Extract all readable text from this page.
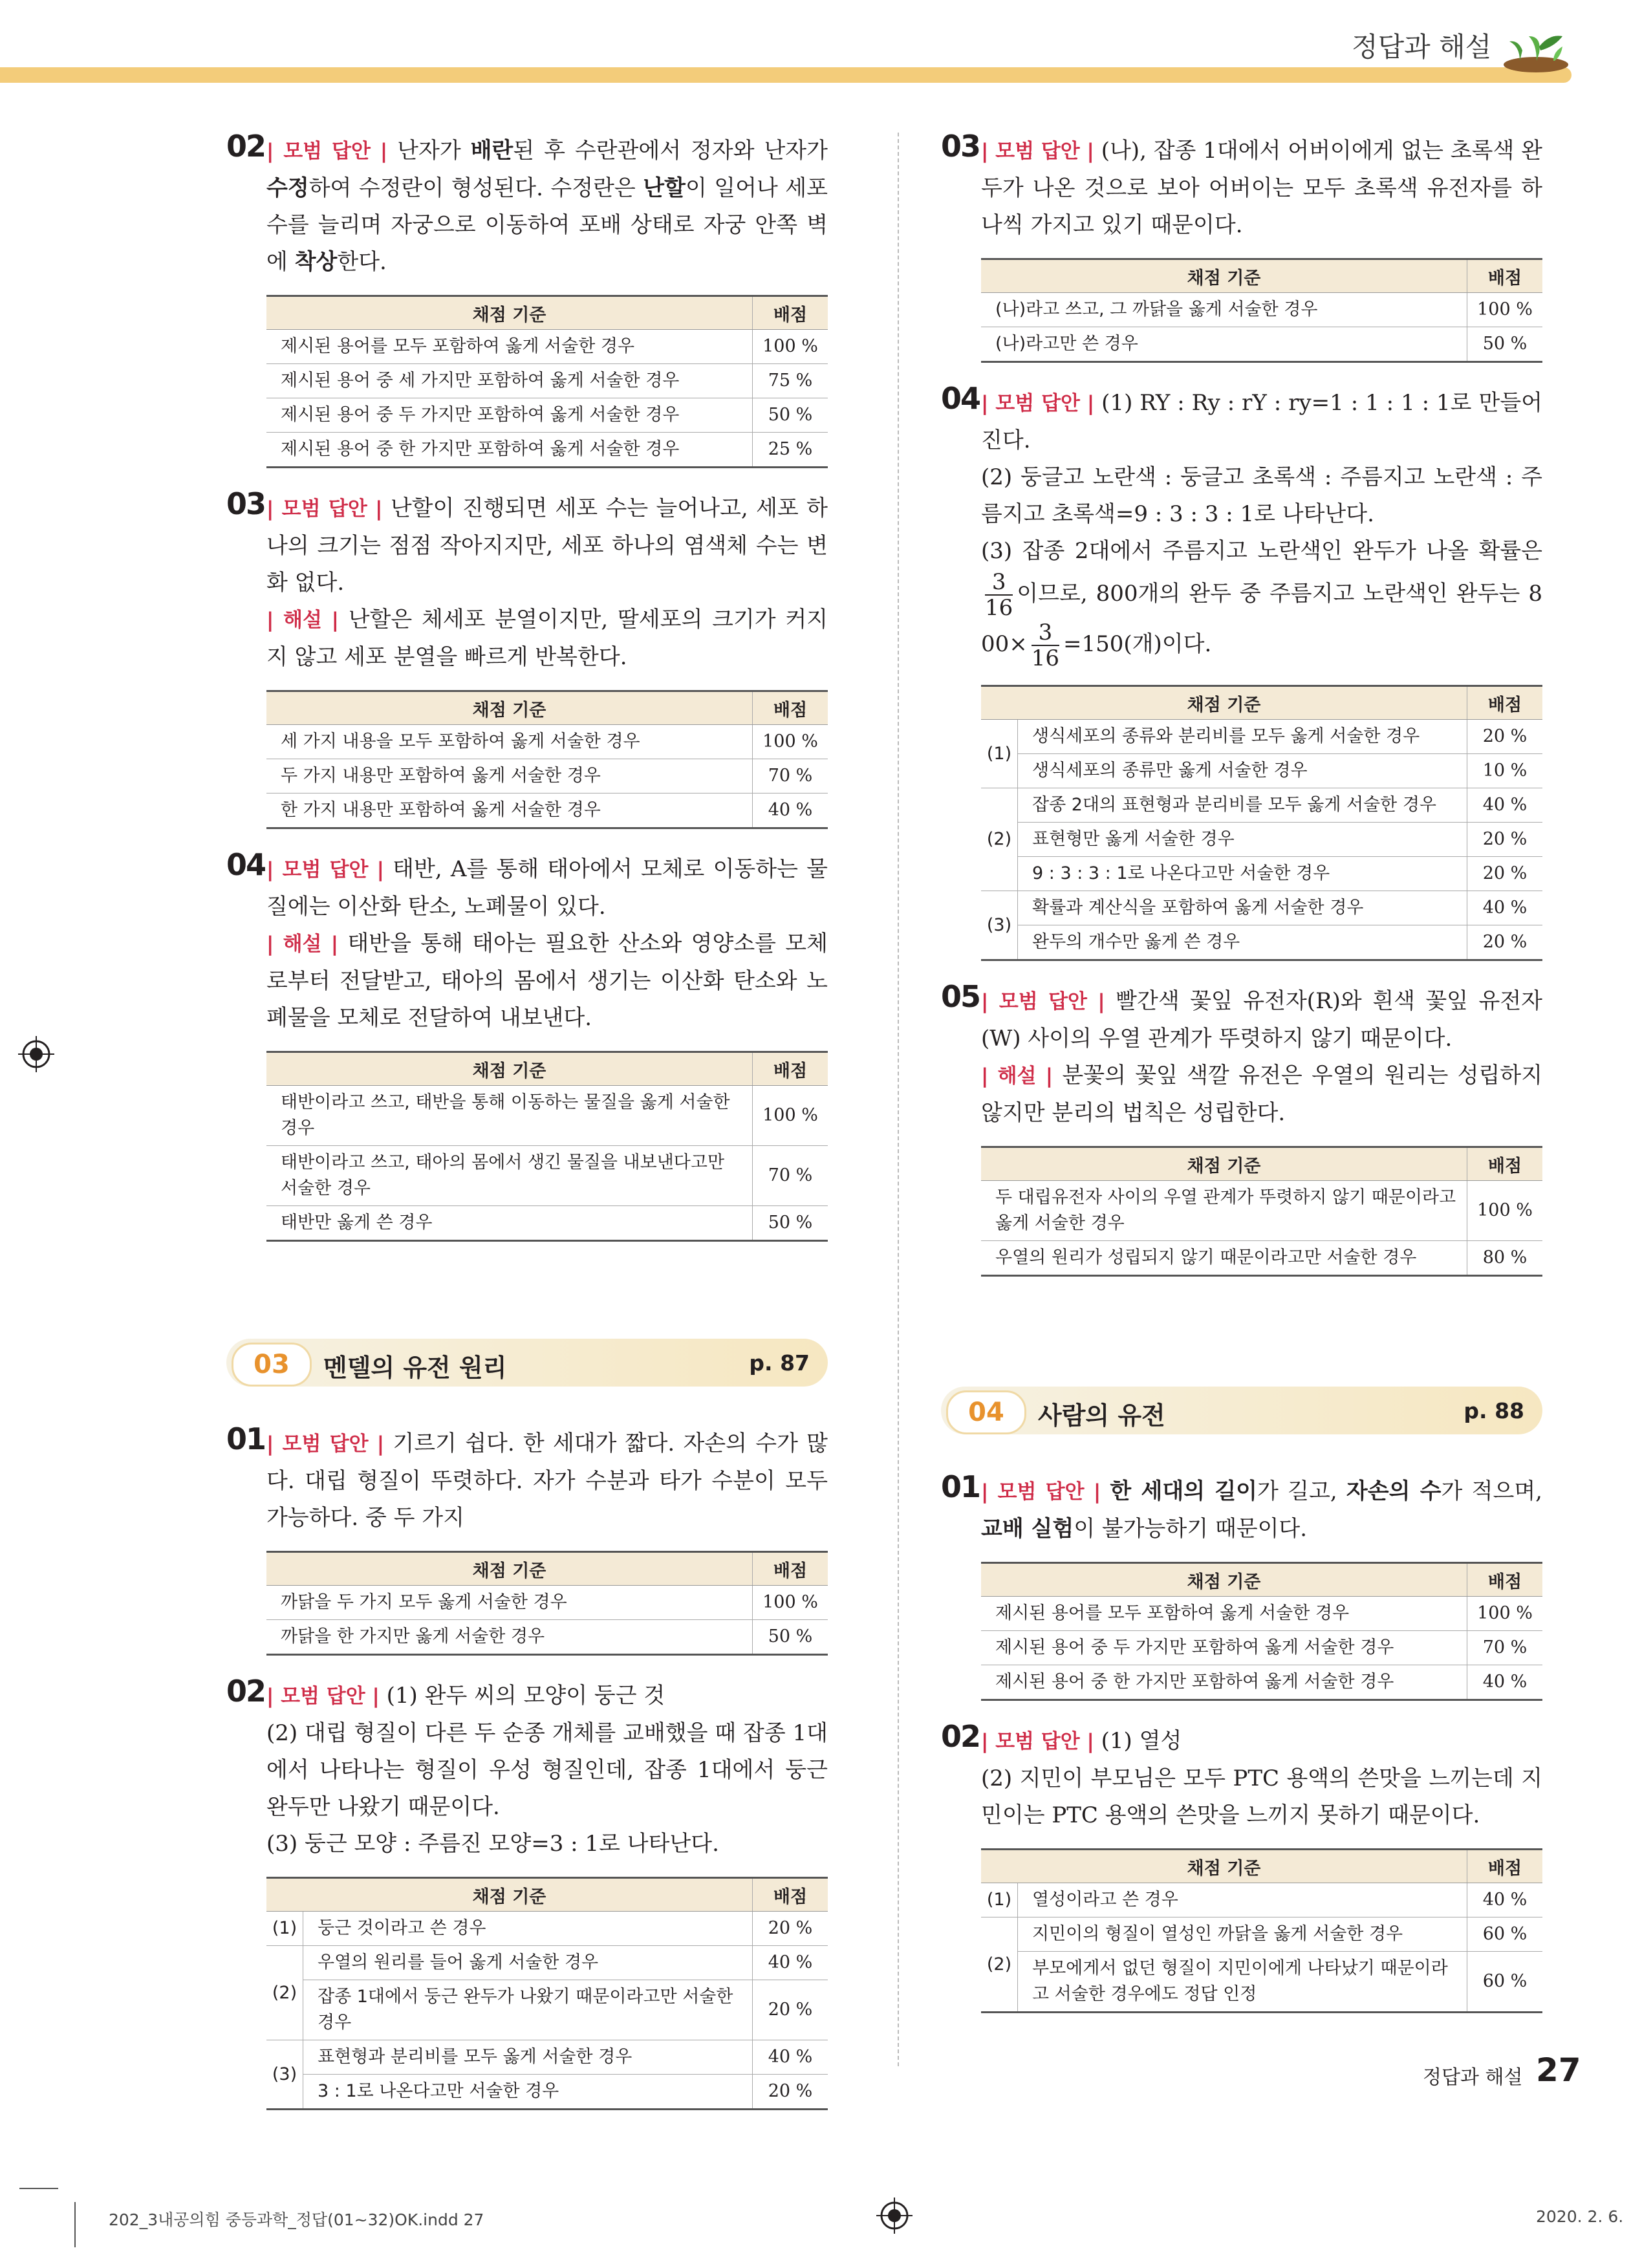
정답과 해설
02 | 모범 답안 | 난자가 배란된 후 수란관에서 정자와 난자가 수정하여 수정란이 형성된다. 수정란은 난할이 일어나 세포 수를 늘리며 자궁으로 이동하여 포배 상태로 자궁 안쪽 벽에 착상한다.
채점 기준	배점
제시된 용어를 모두 포함하여 옳게 서술한 경우	100 %
제시된 용어 중 세 가지만 포함하여 옳게 서술한 경우	75 %
제시된 용어 중 두 가지만 포함하여 옳게 서술한 경우	50 %
제시된 용어 중 한 가지만 포함하여 옳게 서술한 경우	25 %
03 | 모범 답안 | 난할이 진행되면 세포 수는 늘어나고, 세포 하나의 크기는 점점 작아지지만, 세포 하나의 염색체 수는 변화 없다.
| 해설 | 난할은 체세포 분열이지만, 딸세포의 크기가 커지지 않고 세포 분열을 빠르게 반복한다.
채점 기준	배점
세 가지 내용을 모두 포함하여 옳게 서술한 경우	100 %
두 가지 내용만 포함하여 옳게 서술한 경우	70 %
한 가지 내용만 포함하여 옳게 서술한 경우	40 %
04 | 모범 답안 | 태반, A를 통해 태아에서 모체로 이동하는 물질에는 이산화 탄소, 노폐물이 있다.
| 해설 | 태반을 통해 태아는 필요한 산소와 영양소를 모체로부터 전달받고, 태아의 몸에서 생기는 이산화 탄소와 노폐물을 모체로 전달하여 내보낸다.
채점 기준	배점
태반이라고 쓰고, 태반을 통해 이동하는 물질을 옳게 서술한 경우	100 %
태반이라고 쓰고, 태아의 몸에서 생긴 물질을 내보낸다고만 서술한 경우	70 %
태반만 옳게 쓴 경우	50 %
03	멘델의 유전 원리	p. 87
01 | 모범 답안 | 기르기 쉽다. 한 세대가 짧다. 자손의 수가 많다. 대립 형질이 뚜렷하다. 자가 수분과 타가 수분이 모두 가능하다. 중 두 가지
채점 기준	배점
까닭을 두 가지 모두 옳게 서술한 경우	100 %
까닭을 한 가지만 옳게 서술한 경우	50 %
02 | 모범 답안 | (1) 완두 씨의 모양이 둥근 것
(2) 대립 형질이 다른 두 순종 개체를 교배했을 때 잡종 1대에서 나타나는 형질이 우성 형질인데, 잡종 1대에서 둥근 완두만 나왔기 때문이다.
(3) 둥근 모양 : 주름진 모양=3 : 1로 나타난다.
채점 기준		배점
(1)	둥근 것이라고 쓴 경우	20 %
(2)	우열의 원리를 들어 옳게 서술한 경우	40 %
	잡종 1대에서 둥근 완두가 나왔기 때문이라고만 서술한 경우	20 %
(3)	표현형과 분리비를 모두 옳게 서술한 경우	40 %
	3 : 1로 나온다고만 서술한 경우	20 %
03 | 모범 답안 | (나), 잡종 1대에서 어버이에게 없는 초록색 완두가 나온 것으로 보아 어버이는 모두 초록색 유전자를 하나씩 가지고 있기 때문이다.
채점 기준	배점
(나)라고 쓰고, 그 까닭을 옳게 서술한 경우	100 %
(나)라고만 쓴 경우	50 %
04 | 모범 답안 | (1) RY : Ry : rY : ry=1 : 1 : 1 : 1로 만들어진다.
(2) 둥글고 노란색 : 둥글고 초록색 : 주름지고 노란색 : 주름지고 초록색=9 : 3 : 3 : 1로 나타난다.
(3) 잡종 2대에서 주름지고 노란색인 완두가 나올 확률은
$\frac{3}{16}$ 이므로, 800개의 완두 중 주름지고 노란색인 완두는 $800\times \frac{3}{16} =150$(개)이다.
채점 기준		배점
(1)	생식세포의 종류와 분리비를 모두 옳게 서술한 경우	20 %
	생식세포의 종류만 옳게 서술한 경우	10 %
(2)	잡종 2대의 표현형과 분리비를 모두 옳게 서술한 경우	40 %
	표현형만 옳게 서술한 경우	20 %
	9 : 3 : 3 : 1로 나온다고만 서술한 경우	20 %
(3)	확률과 계산식을 포함하여 옳게 서술한 경우	40 %
	완두의 개수만 옳게 쓴 경우	20 %
05 | 모범 답안 | 빨간색 꽃잎 유전자(R)와 흰색 꽃잎 유전자(W) 사이의 우열 관계가 뚜렷하지 않기 때문이다.
| 해설 | 분꽃의 꽃잎 색깔 유전은 우열의 원리는 성립하지 않지만 분리의 법칙은 성립한다.
채점 기준	배점
두 대립유전자 사이의 우열 관계가 뚜렷하지 않기 때문이라고 옳게 서술한 경우	100 %
우열의 원리가 성립되지 않기 때문이라고만 서술한 경우	80 %
04	사람의 유전	p. 88
01 | 모범 답안 | 한 세대의 길이가 길고, 자손의 수가 적으며, 교배 실험이 불가능하기 때문이다.
채점 기준	배점
제시된 용어를 모두 포함하여 옳게 서술한 경우	100 %
제시된 용어 중 두 가지만 포함하여 옳게 서술한 경우	70 %
제시된 용어 중 한 가지만 포함하여 옳게 서술한 경우	40 %
02 | 모범 답안 | (1) 열성
(2) 지민이 부모님은 모두 PTC 용액의 쓴맛을 느끼는데 지민이는 PTC 용액의 쓴맛을 느끼지 못하기 때문이다.
채점 기준		배점
(1)	열성이라고 쓴 경우	40 %
(2)	지민이의 형질이 열성인 까닭을 옳게 서술한 경우	60 %
	부모에게서 없던 형질이 지민이에게 나타났기 때문이라고 서술한 경우에도 정답 인정	60 %
정답과 해설 27
202_3내공의힘 중등과학_정답(01~32)OK.indd 27	2020. 2. 6.
